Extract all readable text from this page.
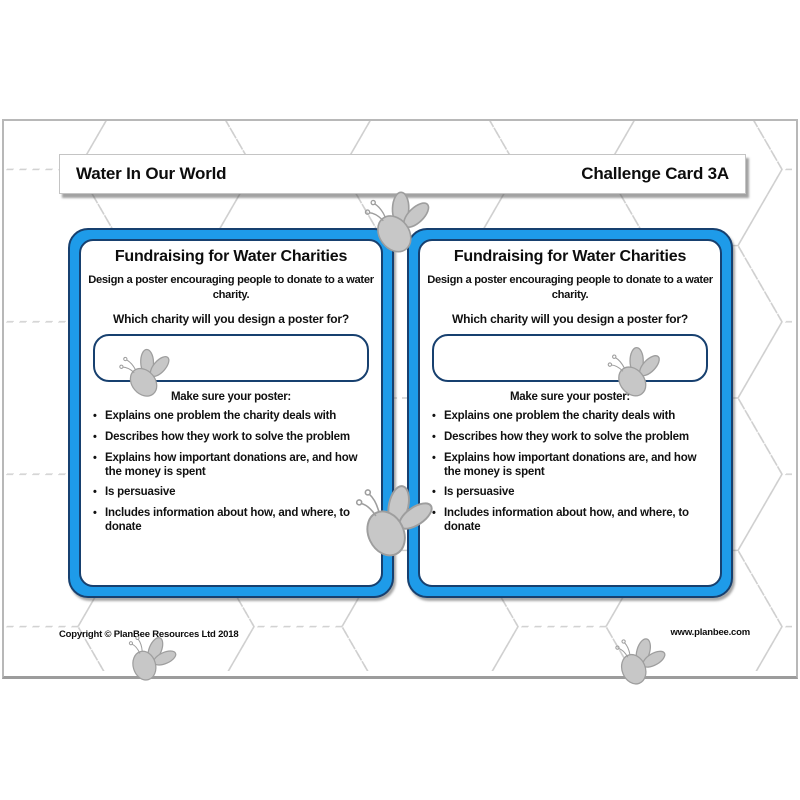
Water In Our World	Challenge Card 3A
Fundraising for Water Charities

Design a poster encouraging people to donate to a water charity.

Which charity will you design a poster for?

Make sure your poster:

• Explains one problem the charity deals with
• Describes how they work to solve the problem
• Explains how important donations are, and how the money is spent
• Is persuasive
• Includes information about how, and where, to donate
Fundraising for Water Charities

Design a poster encouraging people to donate to a water charity.

Which charity will you design a poster for?

Make sure your poster:

• Explains one problem the charity deals with
• Describes how they work to solve the problem
• Explains how important donations are, and how the money is spent
• Is persuasive
• Includes information about how, and where, to donate
Copyright © PlanBee Resources Ltd 2018	www.planbee.com
